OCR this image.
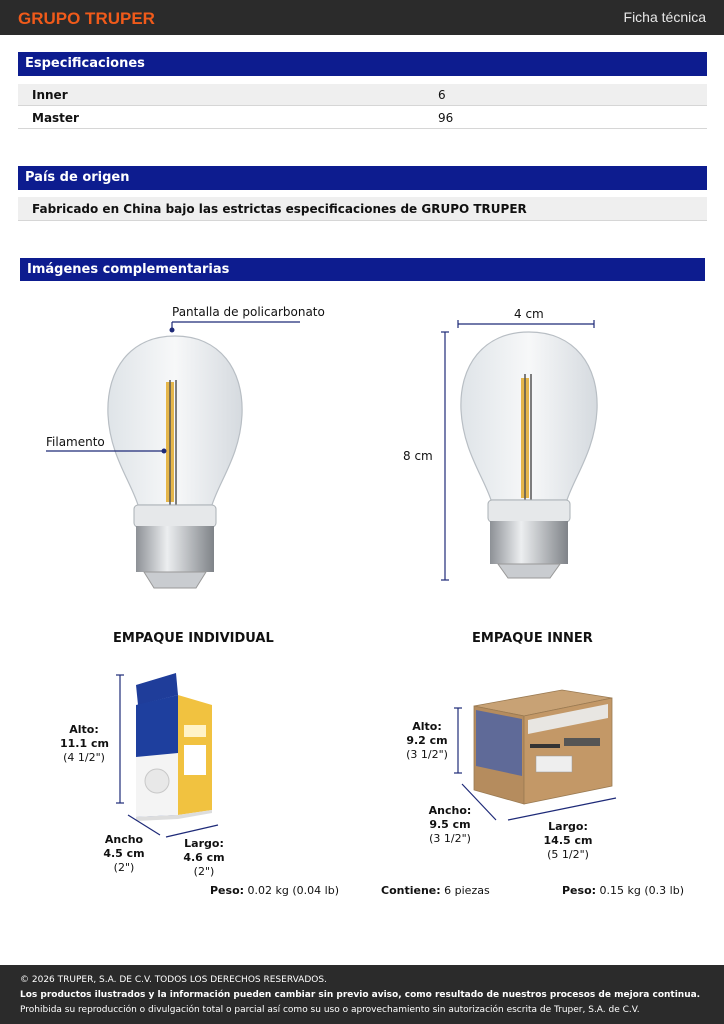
GRUPO TRUPER	Ficha técnica
Especificaciones
Inner	6
Master	96
País de origen
Fabricado en China bajo las estrictas especificaciones de GRUPO TRUPER
Imágenes complementarias
Pantalla de policarbonato
Filamento
4 cm
8 cm
EMPAQUE INDIVIDUAL	EMPAQUE INNER
Alto:
11.1 cm
(4 1/2")
Ancho
4.5 cm
(2")
Largo:
4.6 cm
(2")
Peso: 0.02 kg (0.04 lb)
Alto:
9.2 cm
(3 1/2")
Ancho:
9.5 cm
(3 1/2")
Largo:
14.5 cm
(5 1/2")
Contiene: 6 piezas	Peso: 0.15 kg (0.3 lb)
© 2026 TRUPER, S.A. DE C.V. TODOS LOS DERECHOS RESERVADOS.
Los productos ilustrados y la información pueden cambiar sin previo aviso, como resultado de nuestros procesos de mejora continua.
Prohibida su reproducción o divulgación total o parcial así como su uso o aprovechamiento sin autorización escrita de Truper, S.A. de C.V.
